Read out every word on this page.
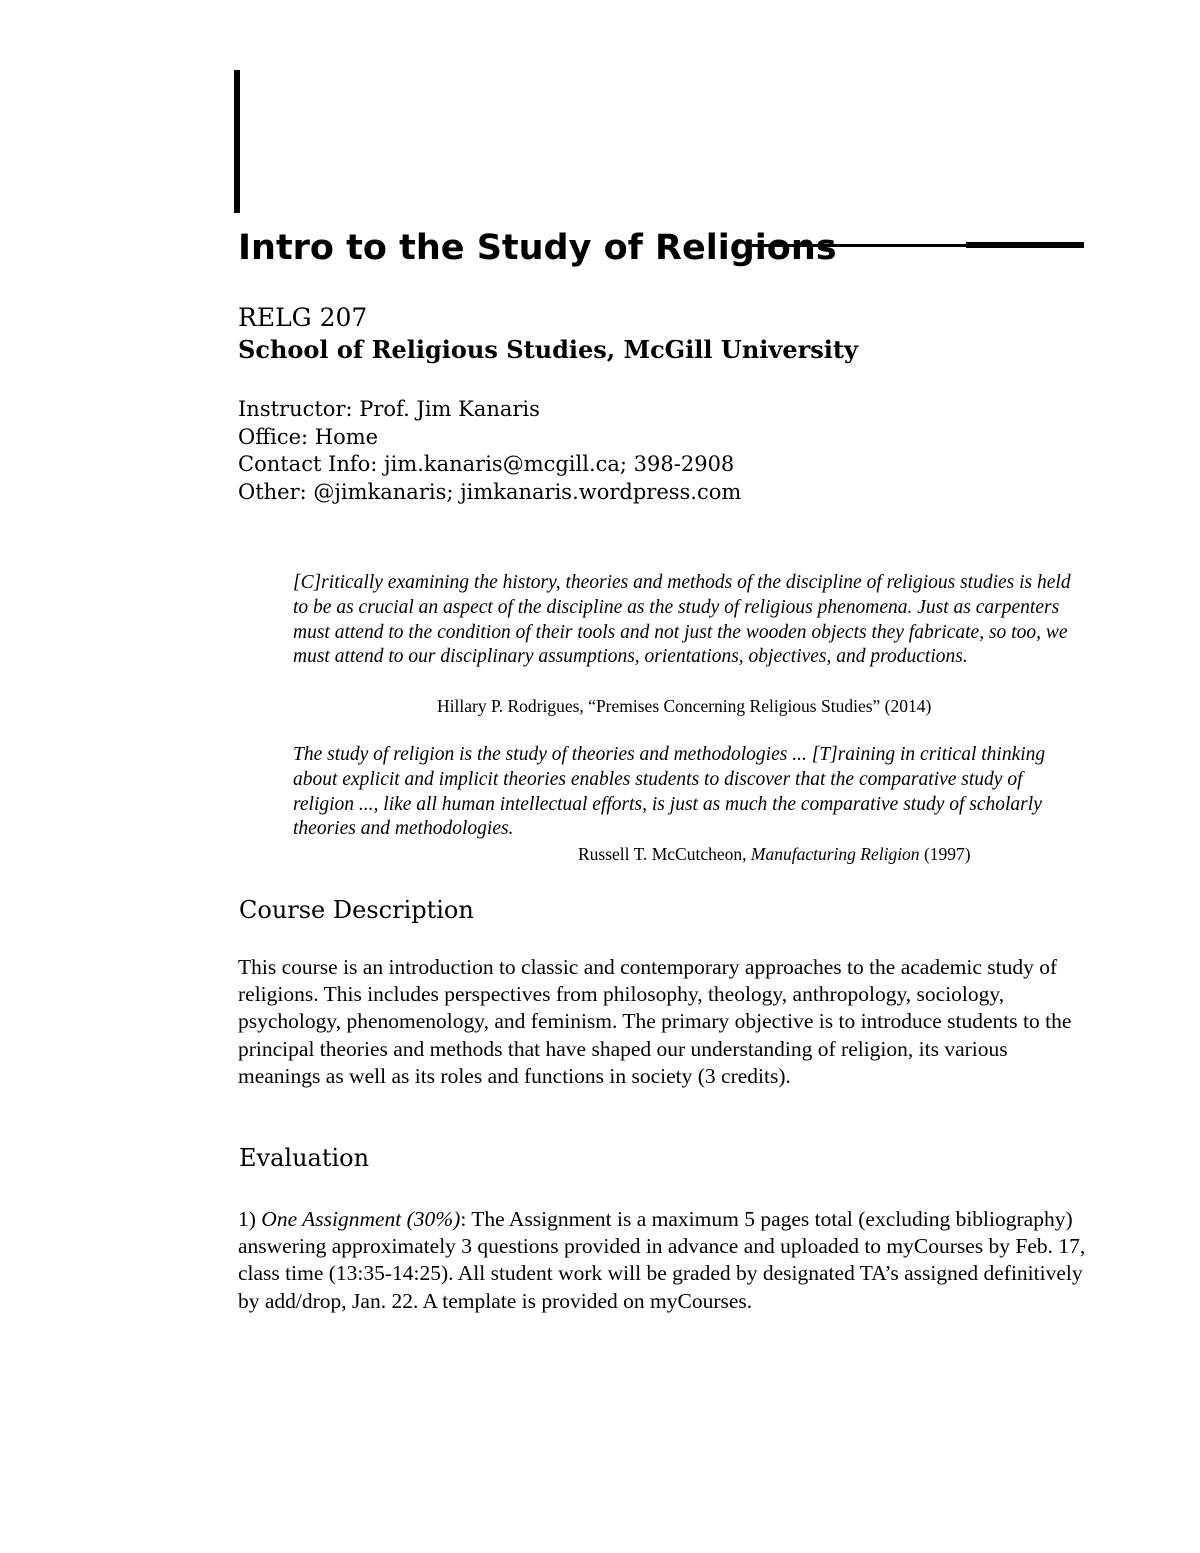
Intro to the Study of Religions
RELG 207
School of Religious Studies, McGill University
Instructor: Prof. Jim Kanaris
Office: Home
Contact Info: jim.kanaris@mcgill.ca; 398-2908
Other: @jimkanaris; jimkanaris.wordpress.com
[C]ritically examining the history, theories and methods of the discipline of religious studies is held to be as crucial an aspect of the discipline as the study of religious phenomena. Just as carpenters must attend to the condition of their tools and not just the wooden objects they fabricate, so too, we must attend to our disciplinary assumptions, orientations, objectives, and productions.
Hillary P. Rodrigues, “Premises Concerning Religious Studies” (2014)
The study of religion is the study of theories and methodologies ... [T]raining in critical thinking about explicit and implicit theories enables students to discover that the comparative study of religion ..., like all human intellectual efforts, is just as much the comparative study of scholarly theories and methodologies.
Russell T. McCutcheon, Manufacturing Religion (1997)
Course Description
This course is an introduction to classic and contemporary approaches to the academic study of religions. This includes perspectives from philosophy, theology, anthropology, sociology, psychology, phenomenology, and feminism. The primary objective is to introduce students to the principal theories and methods that have shaped our understanding of religion, its various meanings as well as its roles and functions in society (3 credits).
Evaluation
1) One Assignment (30%): The Assignment is a maximum 5 pages total (excluding bibliography) answering approximately 3 questions provided in advance and uploaded to myCourses by Feb. 17, class time (13:35-14:25). All student work will be graded by designated TA’s assigned definitively by add/drop, Jan. 22. A template is provided on myCourses.
